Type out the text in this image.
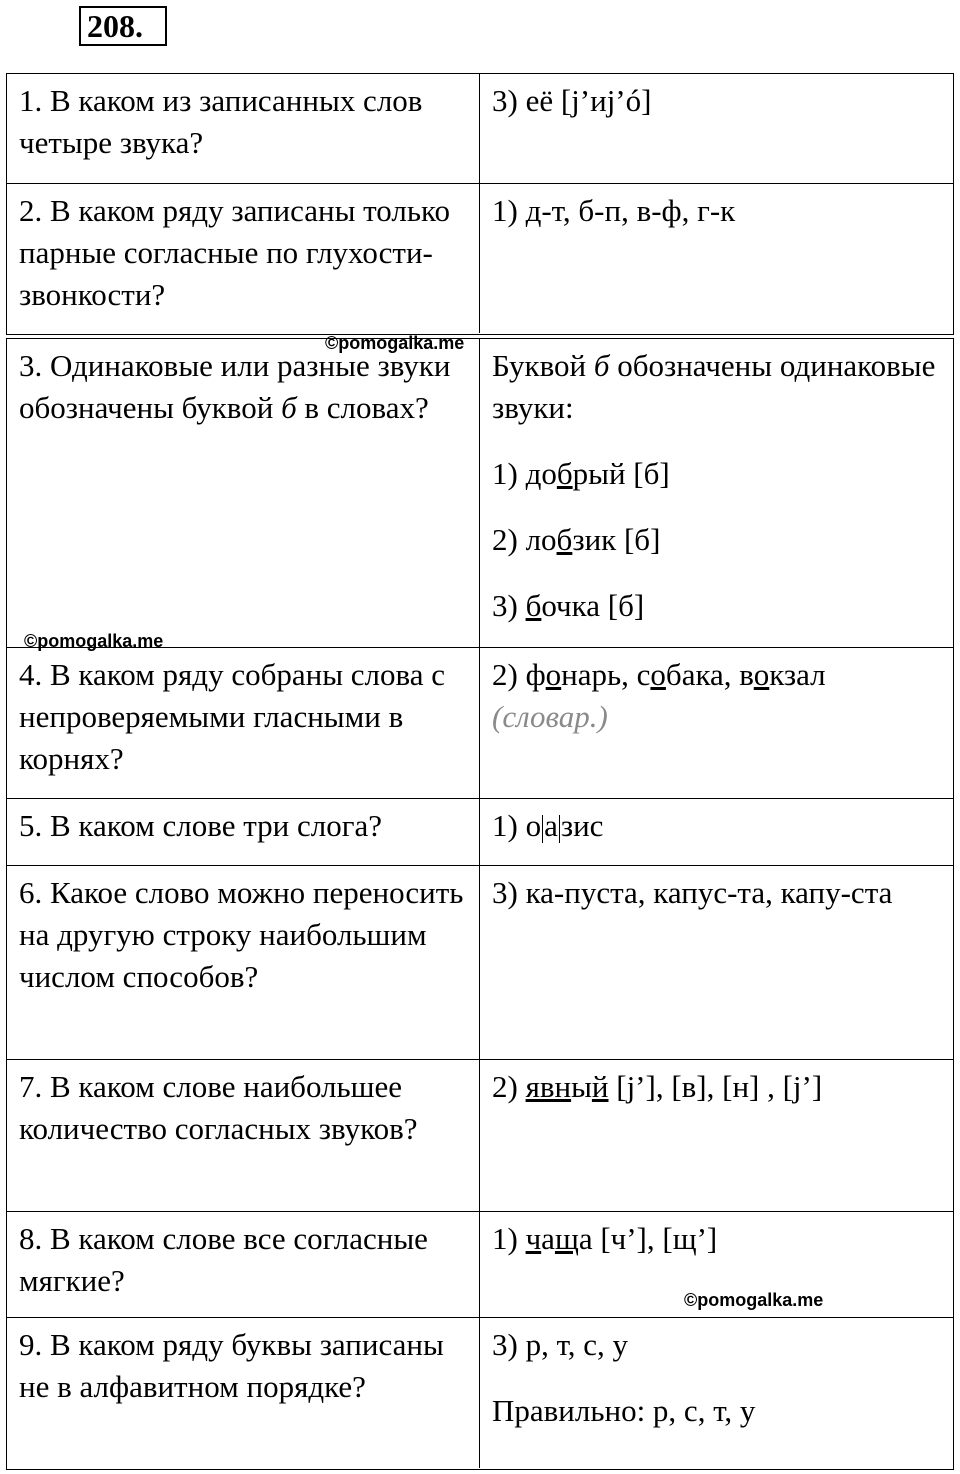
208.
1. В каком из записанных слов четыре звука?
3) её [j’иj’ó]
2. В каком ряду записаны только парные согласные по глухости-звонкости?
1) д-т, б-п, в-ф, г-к
3. Одинаковые или разные звуки обозначены буквой б в словах?
Буквой б обозначены одинаковые звуки:
1) добрый [б]
2) лобзик [б]
3) бочка [б]
4. В каком ряду собраны слова с непроверяемыми гласными в корнях?
2) фонарь, собака, вокзал
(словар.)
5. В каком слове три слога?	1) оазис
6. Какое слово можно переносить на другую строку наибольшим числом способов?
3) ка-пуста, капус-та, капу-ста
7. В каком слове наибольшее количество согласных звуков?
2) явный [j’], [в], [н] , [j’]
8. В каком слове все согласные мягкие?
1) чаща [ч’], [щ’]
9. В каком ряду буквы записаны не в алфавитном порядке?
3) р, т, с, у
Правильно: р, с, т, у
©pomogalka.me
©pomogalka.me
©pomogalka.me
